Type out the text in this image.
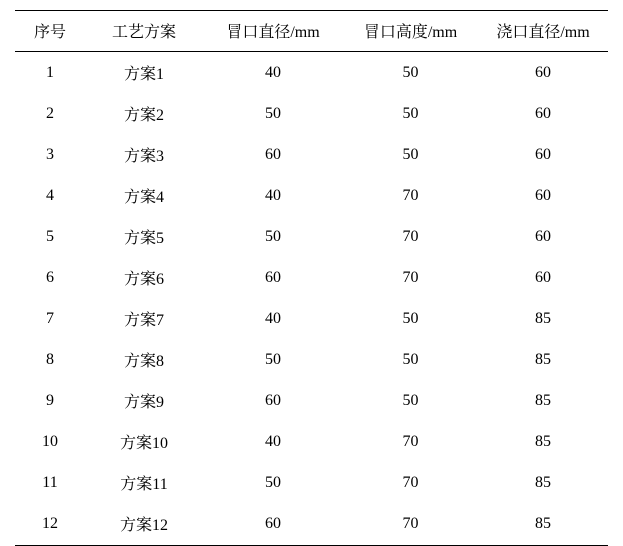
序号	工艺方案	冒口直径/mm	冒口高度/mm	浇口直径/mm
1	方案1	40	50	60
2	方案2	50	50	60
3	方案3	60	50	60
4	方案4	40	70	60
5	方案5	50	70	60
6	方案6	60	70	60
7	方案7	40	50	85
8	方案8	50	50	85
9	方案9	60	50	85
10	方案10	40	70	85
11	方案11	50	70	85
12	方案12	60	70	85
